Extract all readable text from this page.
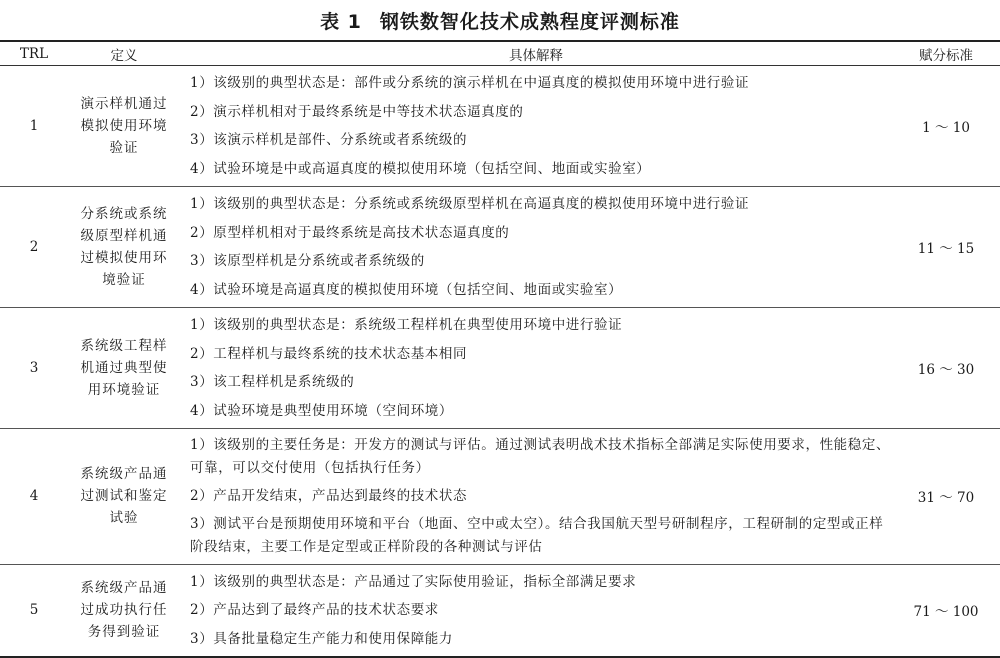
表 1 钢铁数智化技术成熟程度评测标准
TRL	定义	具体解释	赋分标准
1	演示样机通过模拟使用环境验证	1）该级别的典型状态是：部件或分系统的演示样机在中逼真度的模拟使用环境中进行验证
2）演示样机相对于最终系统是中等技术状态逼真度的
3）该演示样机是部件、分系统或者系统级的
4）试验环境是中或高逼真度的模拟使用环境（包括空间、地面或实验室）	1 ～ 10
2	分系统或系统级原型样机通过模拟使用环境验证	1）该级别的典型状态是：分系统或系统级原型样机在高逼真度的模拟使用环境中进行验证
2）原型样机相对于最终系统是高技术状态逼真度的
3）该原型样机是分系统或者系统级的
4）试验环境是高逼真度的模拟使用环境（包括空间、地面或实验室）	11 ～ 15
3	系统级工程样机通过典型使用环境验证	1）该级别的典型状态是：系统级工程样机在典型使用环境中进行验证
2）工程样机与最终系统的技术状态基本相同
3）该工程样机是系统级的
4）试验环境是典型使用环境（空间环境）	16 ～ 30
4	系统级产品通过测试和鉴定试验	1）该级别的主要任务是：开发方的测试与评估。通过测试表明战术技术指标全部满足实际使用要求，性能稳定、可靠，可以交付使用（包括执行任务）
2）产品开发结束，产品达到最终的技术状态
3）测试平台是预期使用环境和平台（地面、空中或太空）。结合我国航天型号研制程序，工程研制的定型或正样阶段结束，主要工作是定型或正样阶段的各种测试与评估	31 ～ 70
5	系统级产品通过成功执行任务得到验证	1）该级别的典型状态是：产品通过了实际使用验证，指标全部满足要求
2）产品达到了最终产品的技术状态要求
3）具备批量稳定生产能力和使用保障能力	71 ～ 100
